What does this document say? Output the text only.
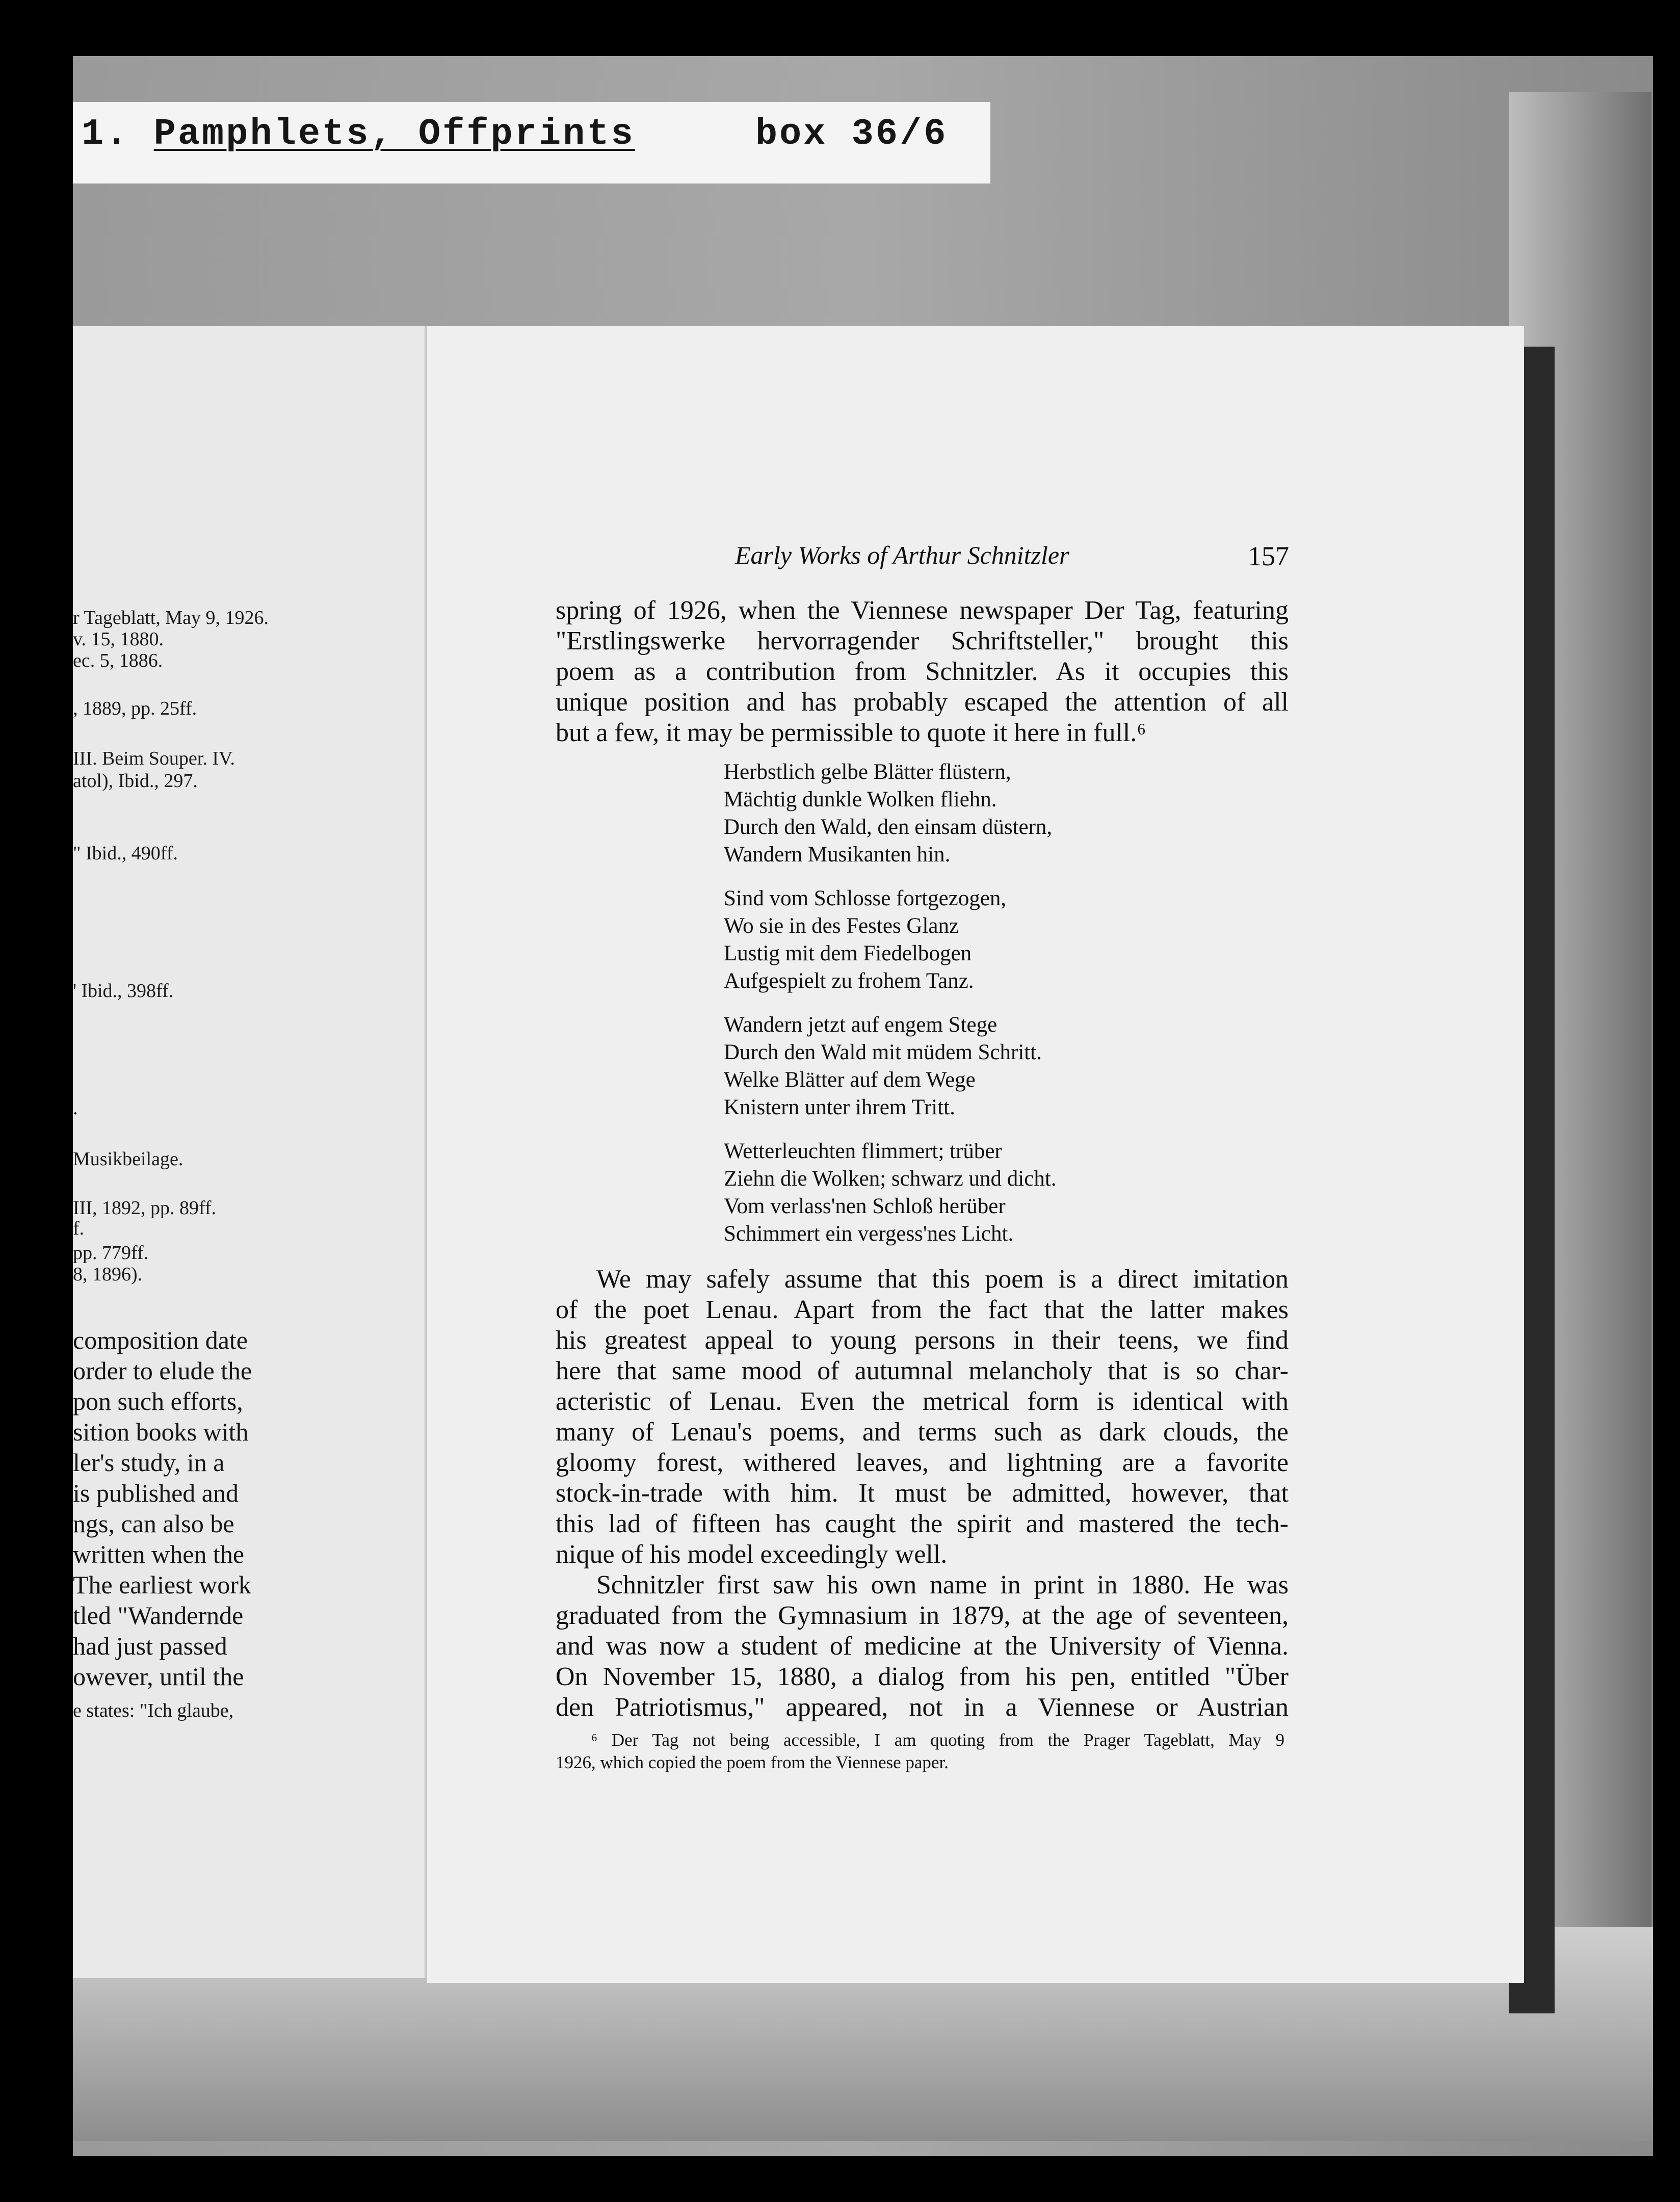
1. Pamphlets, Offprints	box 36/6
r Tageblatt, May 9, 1926.
v. 15, 1880.
ec. 5, 1886.
, 1889, pp. 25ff.
III. Beim Souper. IV.
atol), Ibid., 297.
" Ibid., 490ff.
' Ibid., 398ff.
.
Musikbeilage.
III, 1892, pp. 89ff.
f.
pp. 779ff.
8, 1896).
composition date
order to elude the
pon such efforts,
sition books with
ler's study, in a
is published and
ngs, can also be
written when the
The earliest work
tled "Wandernde
had just passed
owever, until the
e states: "Ich glaube,
Early Works of Arthur Schnitzler	157
spring of 1926, when the Viennese newspaper Der Tag, featuring
"Erstlingswerke hervorragender Schriftsteller," brought this
poem as a contribution from Schnitzler. As it occupies this
unique position and has probably escaped the attention of all
but a few, it may be permissible to quote it here in full.⁶
Herbstlich gelbe Blätter flüstern,
Mächtig dunkle Wolken fliehn.
Durch den Wald, den einsam düstern,
Wandern Musikanten hin.
Sind vom Schlosse fortgezogen,
Wo sie in des Festes Glanz
Lustig mit dem Fiedelbogen
Aufgespielt zu frohem Tanz.
Wandern jetzt auf engem Stege
Durch den Wald mit müdem Schritt.
Welke Blätter auf dem Wege
Knistern unter ihrem Tritt.
Wetterleuchten flimmert; trüber
Ziehn die Wolken; schwarz und dicht.
Vom verlass'nen Schloß herüber
Schimmert ein vergess'nes Licht.
We may safely assume that this poem is a direct imitation
of the poet Lenau. Apart from the fact that the latter makes
his greatest appeal to young persons in their teens, we find
here that same mood of autumnal melancholy that is so char-
acteristic of Lenau. Even the metrical form is identical with
many of Lenau's poems, and terms such as dark clouds, the
gloomy forest, withered leaves, and lightning are a favorite
stock-in-trade with him. It must be admitted, however, that
this lad of fifteen has caught the spirit and mastered the tech-
nique of his model exceedingly well.
Schnitzler first saw his own name in print in 1880. He was
graduated from the Gymnasium in 1879, at the age of seventeen,
and was now a student of medicine at the University of Vienna.
On November 15, 1880, a dialog from his pen, entitled "Über
den Patriotismus," appeared, not in a Viennese or Austrian
⁶ Der Tag not being accessible, I am quoting from the Prager Tageblatt, May 9
1926, which copied the poem from the Viennese paper.
